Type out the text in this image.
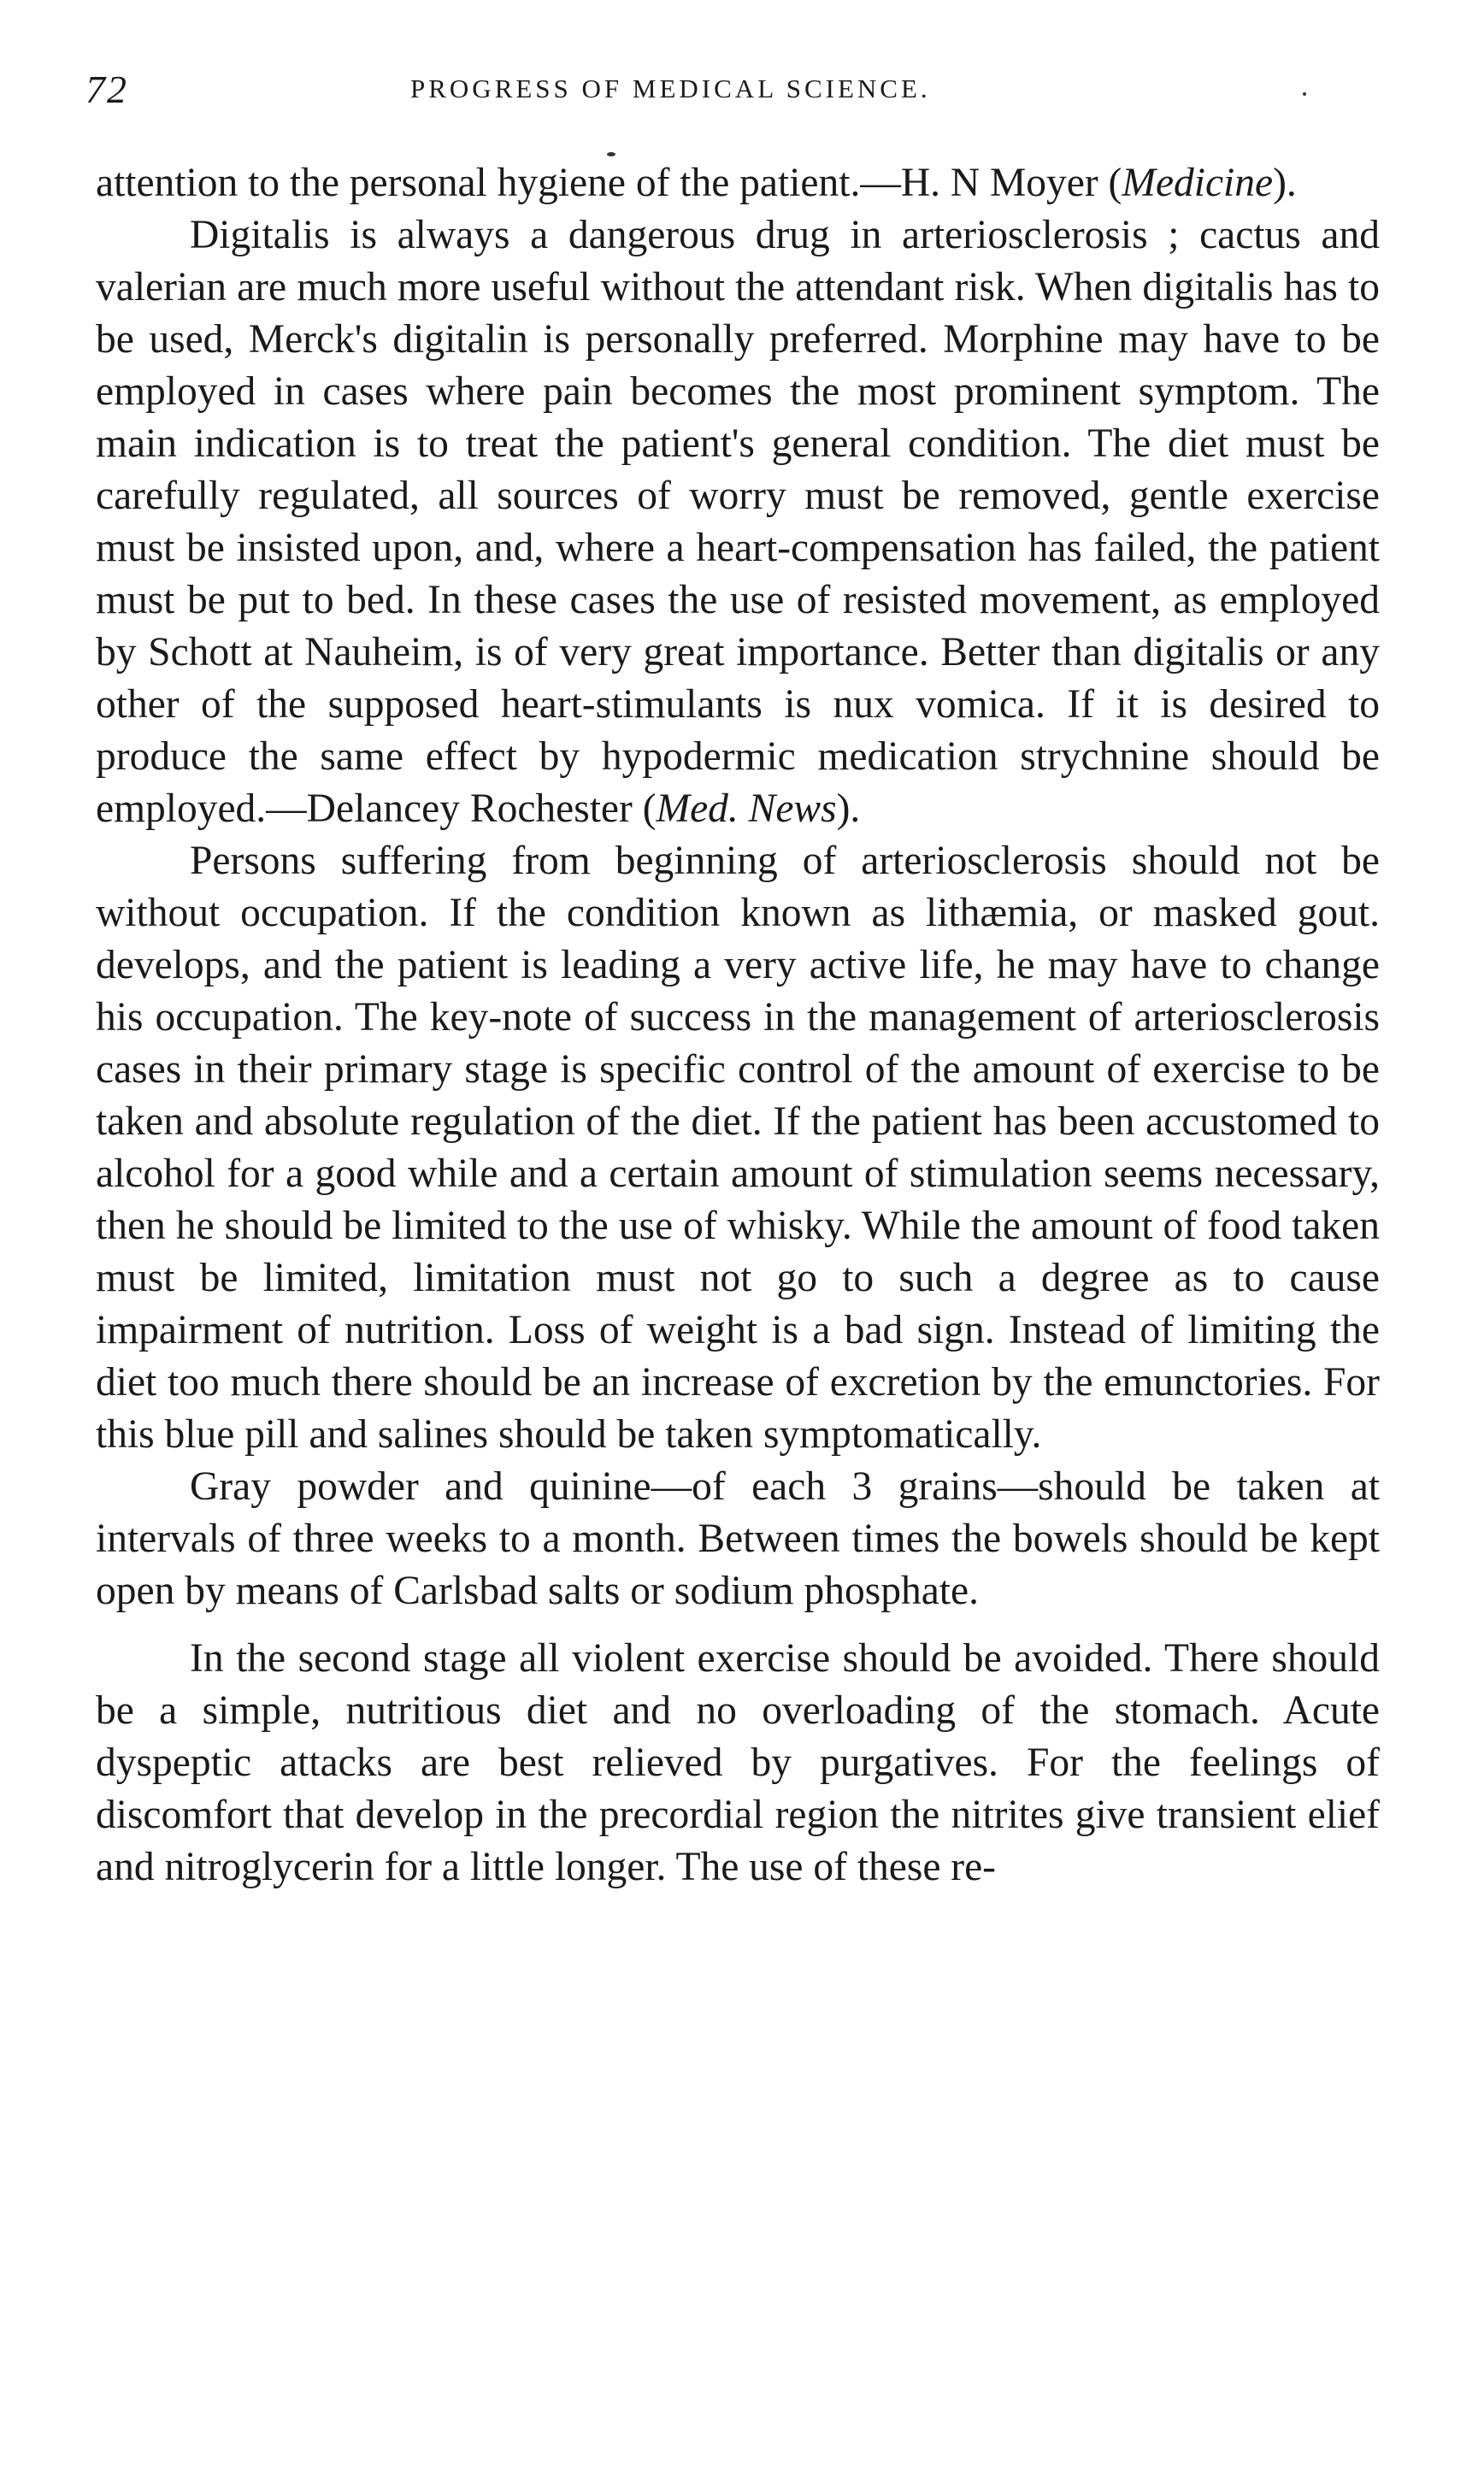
72	PROGRESS OF MEDICAL SCIENCE.

attention to the personal hygiene of the patient.—H. N Moyer (Medicine).

Digitalis is always a dangerous drug in arteriosclerosis ; cactus and valerian are much more useful without the attendant risk. When digitalis has to be used, Merck's digitalin is personally preferred. Morphine may have to be employed in cases where pain becomes the most prominent symptom. The main indication is to treat the patient's general condition. The diet must be carefully regulated, all sources of worry must be removed, gentle exercise must be insisted upon, and, where a heart-compensation has failed, the patient must be put to bed. In these cases the use of resisted movement, as employed by Schott at Nauheim, is of very great importance. Better than digitalis or any other of the supposed heart-stimulants is nux vomica. If it is desired to produce the same effect by hypodermic medication strychnine should be employed.—Delancey Rochester (Med. News).

Persons suffering from beginning of arteriosclerosis should not be without occupation. If the condition known as lithæmia, or masked gout. develops, and the patient is leading a very active life, he may have to change his occupation. The key-note of success in the management of arteriosclerosis cases in their primary stage is specific control of the amount of exercise to be taken and absolute regulation of the diet. If the patient has been accustomed to alcohol for a good while and a certain amount of stimulation seems necessary, then he should be limited to the use of whisky. While the amount of food taken must be limited, limitation must not go to such a degree as to cause impairment of nutrition. Loss of weight is a bad sign. Instead of limiting the diet too much there should be an increase of excretion by the emunctories. For this blue pill and salines should be taken symptomatically.

Gray powder and quinine—of each 3 grains—should be taken at intervals of three weeks to a month. Between times the bowels should be kept open by means of Carlsbad salts or sodium phosphate.

In the second stage all violent exercise should be avoided. There should be a simple, nutritious diet and no overloading of the stomach. Acute dyspeptic attacks are best relieved by purgatives. For the feelings of discomfort that develop in the precordial region the nitrites give transient elief and nitroglycerin for a little longer. The use of these re-
